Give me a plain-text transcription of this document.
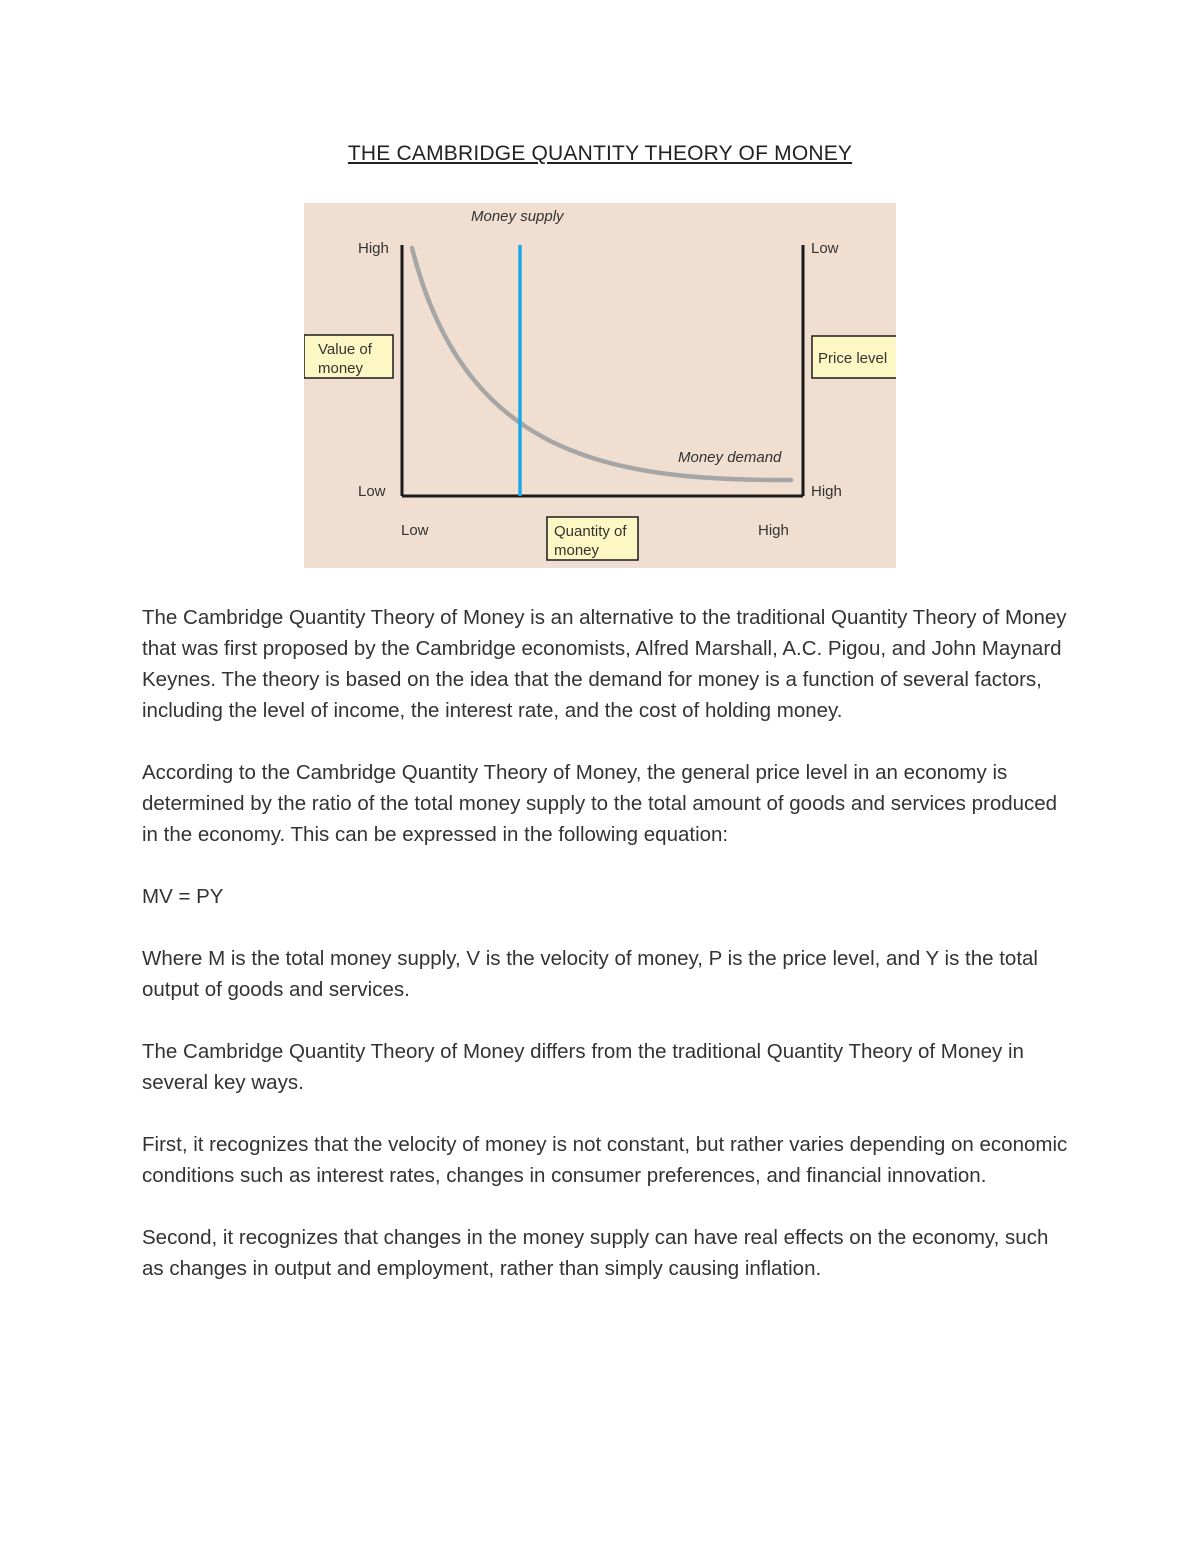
THE CAMBRIDGE QUANTITY THEORY OF MONEY
Money supply
Money demand
High
Low
Low
High
Low	High
Value of
money
Price level
Quantity of
money

The Cambridge Quantity Theory of Money is an alternative to the traditional Quantity Theory of Money that was first proposed by the Cambridge economists, Alfred Marshall, A.C. Pigou, and John Maynard Keynes. The theory is based on the idea that the demand for money is a function of several factors, including the level of income, the interest rate, and the cost of holding money.

According to the Cambridge Quantity Theory of Money, the general price level in an economy is determined by the ratio of the total money supply to the total amount of goods and services produced in the economy. This can be expressed in the following equation:

MV = PY

Where M is the total money supply, V is the velocity of money, P is the price level, and Y is the total output of goods and services.

The Cambridge Quantity Theory of Money differs from the traditional Quantity Theory of Money in several key ways.

First, it recognizes that the velocity of money is not constant, but rather varies depending on economic conditions such as interest rates, changes in consumer preferences, and financial innovation.

Second, it recognizes that changes in the money supply can have real effects on the economy, such as changes in output and employment, rather than simply causing inflation.
